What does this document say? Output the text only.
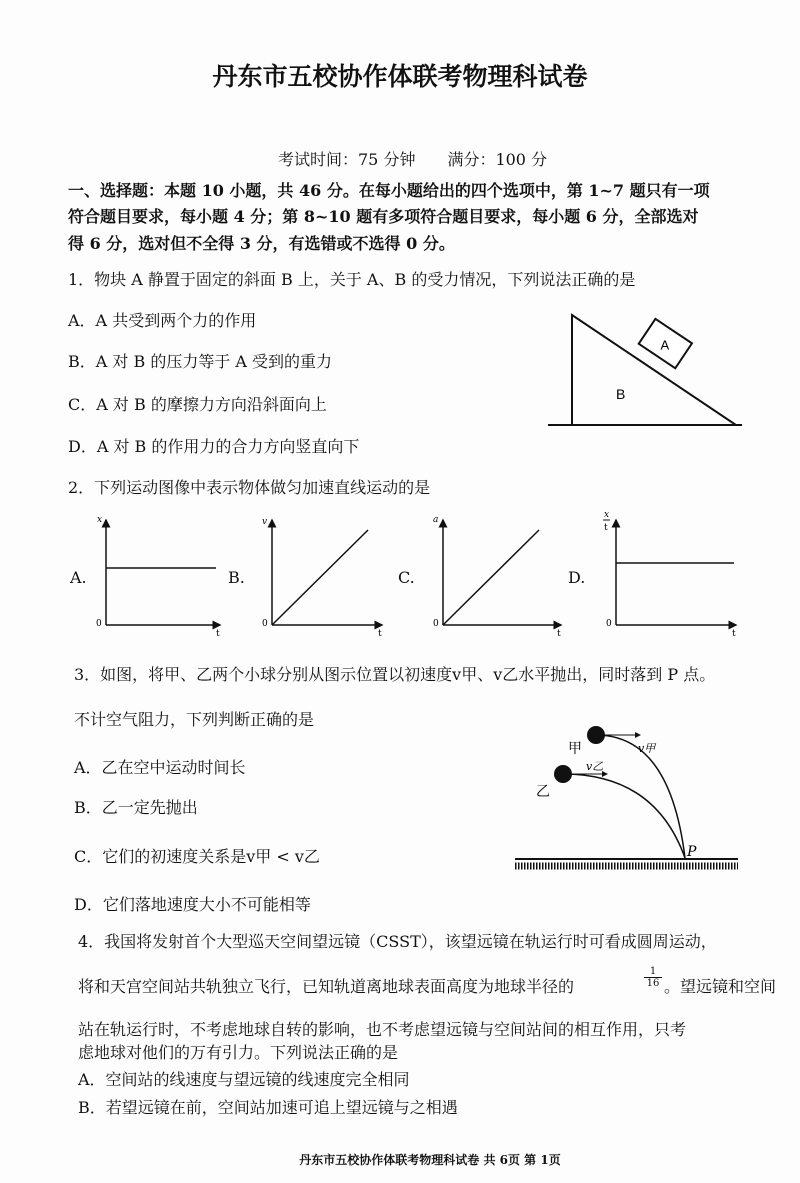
丹东市五校协作体联考物理科试卷
考试时间：75 分钟　　满分：100 分
一、选择题：本题 10 小题，共 46 分。在每小题给出的四个选项中，第 1~7 题只有一项
符合题目要求，每小题 4 分；第 8~10 题有多项符合题目要求，每小题 6 分，全部选对
得 6 分，选对但不全得 3 分，有选错或不选得 0 分。
1．物块 A 静置于固定的斜面 B 上，关于 A、B 的受力情况，下列说法正确的是
A．A 共受到两个力的作用
B．A 对 B 的压力等于 A 受到的重力
C．A 对 B 的摩擦力方向沿斜面向上
D．A 对 B 的作用力的合力方向竖直向下
A
B
2．下列运动图像中表示物体做匀加速直线运动的是
A.	B.	C.	D.
x
t
0
v
t
0
a
t
0
x
t
t
0
3．如图，将甲、乙两个小球分别从图示位置以初速度v甲、v乙水平抛出，同时落到 P 点。
不计空气阻力，下列判断正确的是
A．乙在空中运动时间长
B．乙一定先抛出
C．它们的初速度关系是v甲 < v乙
D．它们落地速度大小不可能相等
甲
乙
v甲
v乙
P
4．我国将发射首个大型巡天空间望远镜（CSST），该望远镜在轨运行时可看成圆周运动，
将和天宫空间站共轨独立飞行，已知轨道离地球表面高度为地球半径的
1
16 。望远镜和空间
站在轨运行时，不考虑地球自转的影响，也不考虑望远镜与空间站间的相互作用，只考
虑地球对他们的万有引力。下列说法正确的是
A．空间站的线速度与望远镜的线速度完全相同
B．若望远镜在前，空间站加速可追上望远镜与之相遇
丹东市五校协作体联考物理科试卷 共 6页 第 1页
